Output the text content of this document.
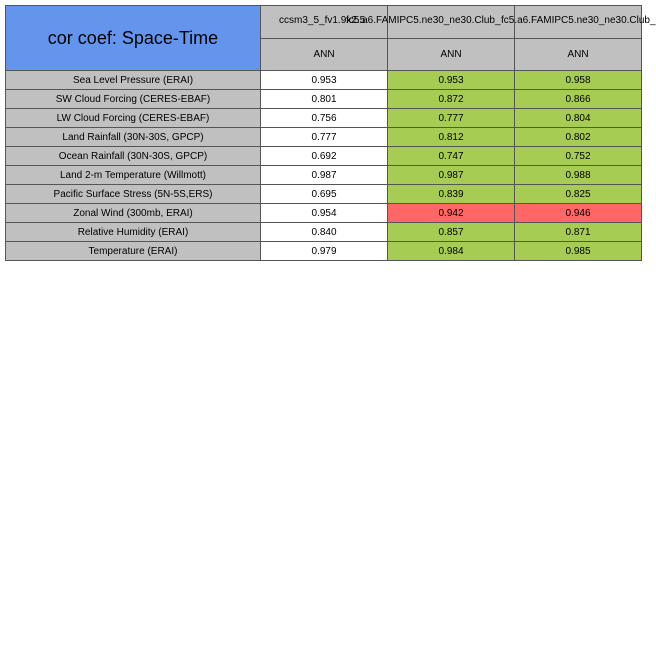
cor coef: Space-Time	ccsm3_5_fv1.9x2.5	fc5.a6.FAMIPC5.ne30_ne30.Club_	fc5.a6.FAMIPC5.ne30_ne30.Club_

	ANN	ANN	ANN
Sea Level Pressure (ERAI)	0.953	0.953	0.958
SW Cloud Forcing (CERES-EBAF)	0.801	0.872	0.866
LW Cloud Forcing (CERES-EBAF)	0.756	0.777	0.804
Land Rainfall (30N-30S, GPCP)	0.777	0.812	0.802
Ocean Rainfall (30N-30S, GPCP)	0.692	0.747	0.752
Land 2-m Temperature (Willmott)	0.987	0.987	0.988
Pacific Surface Stress (5N-5S,ERS)	0.695	0.839	0.825
Zonal Wind (300mb, ERAI)	0.954	0.942	0.946
Relative Humidity (ERAI)	0.840	0.857	0.871
Temperature (ERAI)	0.979	0.984	0.985
